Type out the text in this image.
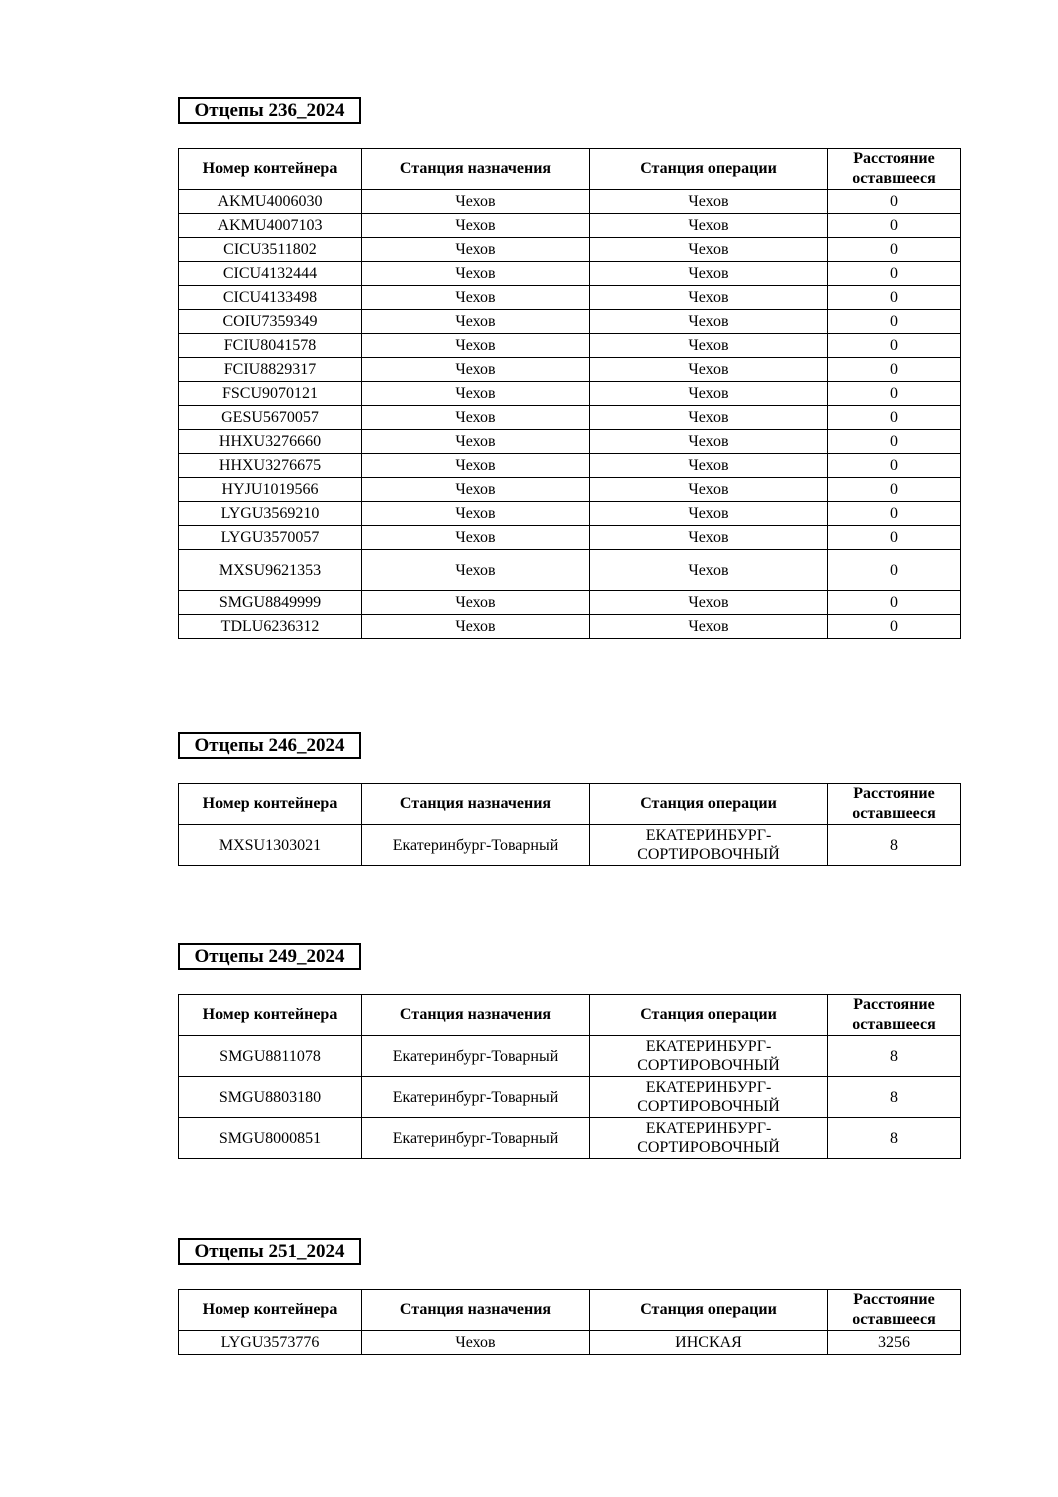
Отцепы 236_2024
Номер контейнера	Станция назначения	Станция операции	Расстояние
оставшееся
AKMU4006030	Чехов	Чехов	0
AKMU4007103	Чехов	Чехов	0
CICU3511802	Чехов	Чехов	0
CICU4132444	Чехов	Чехов	0
CICU4133498	Чехов	Чехов	0
COIU7359349	Чехов	Чехов	0
FCIU8041578	Чехов	Чехов	0
FCIU8829317	Чехов	Чехов	0
FSCU9070121	Чехов	Чехов	0
GESU5670057	Чехов	Чехов	0
HHXU3276660	Чехов	Чехов	0
HHXU3276675	Чехов	Чехов	0
HYJU1019566	Чехов	Чехов	0
LYGU3569210	Чехов	Чехов	0
LYGU3570057	Чехов	Чехов	0
MXSU9621353	Чехов	Чехов	0
SMGU8849999	Чехов	Чехов	0
TDLU6236312	Чехов	Чехов	0
Отцепы 246_2024
Номер контейнера	Станция назначения	Станция операции	Расстояние
оставшееся
MXSU1303021	Екатеринбург-Товарный	ЕКАТЕРИНБУРГ-
СОРТИРОВОЧНЫЙ	8
Отцепы 249_2024
Номер контейнера	Станция назначения	Станция операции	Расстояние
оставшееся
SMGU8811078	Екатеринбург-Товарный	ЕКАТЕРИНБУРГ-
СОРТИРОВОЧНЫЙ	8
SMGU8803180	Екатеринбург-Товарный	ЕКАТЕРИНБУРГ-
СОРТИРОВОЧНЫЙ	8
SMGU8000851	Екатеринбург-Товарный	ЕКАТЕРИНБУРГ-
СОРТИРОВОЧНЫЙ	8
Отцепы 251_2024
Номер контейнера	Станция назначения	Станция операции	Расстояние
оставшееся
LYGU3573776	Чехов	ИНСКАЯ	3256
